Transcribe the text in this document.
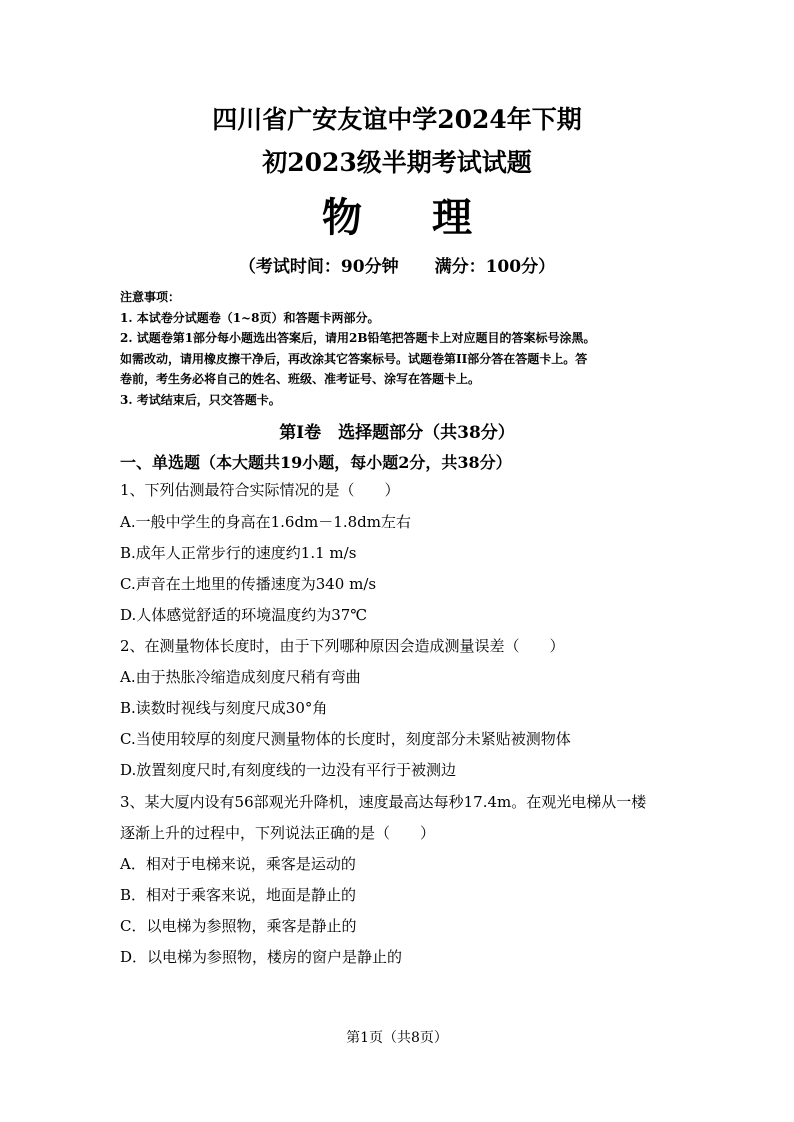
四川省广安友谊中学2024年下期
初2023级半期考试试题
物 理
（考试时间：90分钟 满分：100分）
注意事项：
1. 本试卷分试题卷（1~8页）和答题卡两部分。
2. 试题卷第1部分每小题选出答案后，请用2B铅笔把答题卡上对应题目的答案标号涂黑。
如需改动，请用橡皮擦干净后，再改涂其它答案标号。试题卷第II部分答在答题卡上。答
卷前，考生务必将自己的姓名、班级、准考证号、涂写在答题卡上。
3. 考试结束后，只交答题卡。
第Ⅰ卷　选择题部分（共38分）
一、单选题（本大题共19小题，每小题2分，共38分）
1、下列估测最符合实际情况的是（　　）
A.一般中学生的身高在1.6dm－1.8dm左右
B.成年人正常步行的速度约1.1 m/s
C.声音在土地里的传播速度为340 m/s
D.人体感觉舒适的环境温度约为37℃
2、在测量物体长度时，由于下列哪种原因会造成测量误差（　　）
A.由于热胀冷缩造成刻度尺稍有弯曲
B.读数时视线与刻度尺成30°角
C.当使用较厚的刻度尺测量物体的长度时，刻度部分未紧贴被测物体
D.放置刻度尺时,有刻度线的一边没有平行于被测边
3、某大厦内设有56部观光升降机，速度最高达每秒17.4m。在观光电梯从一楼
逐渐上升的过程中，下列说法正确的是（　　）
A．相对于电梯来说，乘客是运动的
B．相对于乘客来说，地面是静止的
C．以电梯为参照物，乘客是静止的
D．以电梯为参照物，楼房的窗户是静止的
第1页（共8页）
